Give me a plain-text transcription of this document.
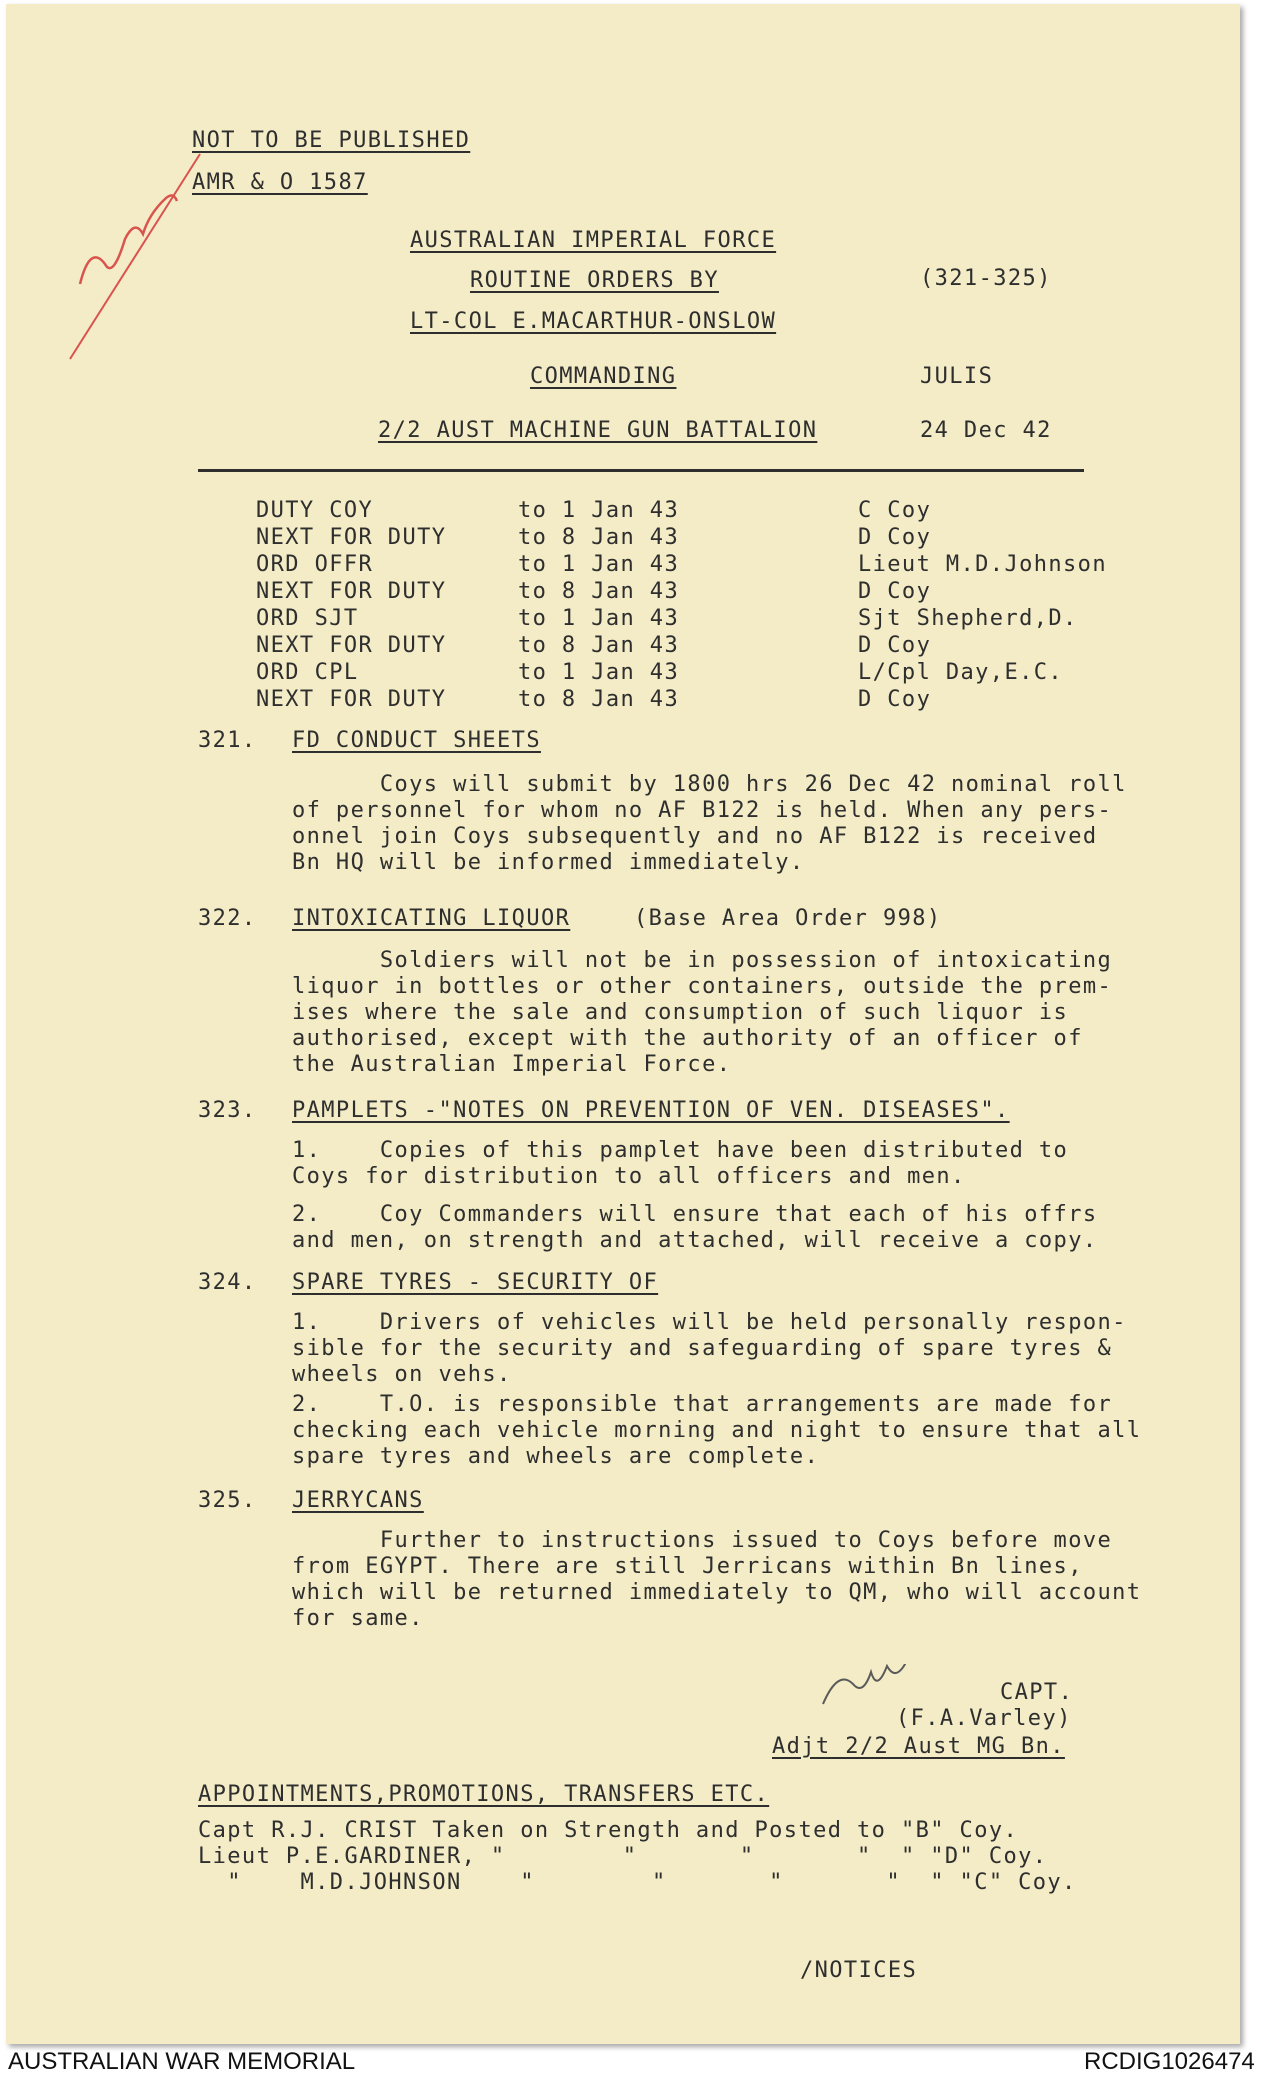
NOT TO BE PUBLISHED
AMR & O 1587
AUSTRALIAN IMPERIAL FORCE
ROUTINE ORDERS BY
LT-COL E.MACARTHUR-ONSLOW
COMMANDING
2/2 AUST MACHINE GUN BATTALION
(321-325)
JULIS
24 Dec 42
DUTY COY	to 1 Jan 43	C Coy
NEXT FOR DUTY	to 8 Jan 43	D Coy
ORD OFFR	to 1 Jan 43	Lieut M.D.Johnson
NEXT FOR DUTY	to 8 Jan 43	D Coy
ORD SJT	to 1 Jan 43	Sjt Shepherd,D.
NEXT FOR DUTY	to 8 Jan 43	D Coy
ORD CPL	to 1 Jan 43	L/Cpl Day,E.C.
NEXT FOR DUTY	to 8 Jan 43	D Coy
321. FD CONDUCT SHEETS
Coys will submit by 1800 hrs 26 Dec 42 nominal roll
of personnel for whom no AF B122 is held. When any pers-
onnel join Coys subsequently and no AF B122 is received
Bn HQ will be informed immediately.
322. INTOXICATING LIQUOR	(Base Area Order 998)
Soldiers will not be in possession of intoxicating
liquor in bottles or other containers, outside the prem-
ises where the sale and consumption of such liquor is
authorised, except with the authority of an officer of
the Australian Imperial Force.
323. PAMPLETS -"NOTES ON PREVENTION OF VEN. DISEASES".
1.    Copies of this pamplet have been distributed to
Coys for distribution to all officers and men.
2.    Coy Commanders will ensure that each of his offrs
and men, on strength and attached, will receive a copy.
324. SPARE TYRES - SECURITY OF
1.    Drivers of vehicles will be held personally respon-
sible for the security and safeguarding of spare tyres &
wheels on vehs.
2.    T.O. is responsible that arrangements are made for
checking each vehicle morning and night to ensure that all
spare tyres and wheels are complete.
325. JERRYCANS
Further to instructions issued to Coys before move
from EGYPT. There are still Jerricans within Bn lines,
which will be returned immediately to QM, who will account
for same.
CAPT.
(F.A.Varley)
Adjt 2/2 Aust MG Bn.
APPOINTMENTS,PROMOTIONS, TRANSFERS ETC.
Capt R.J. CRIST Taken on Strength and Posted to "B" Coy.
Lieut P.E.GARDINER, "        "       "       "  " "D" Coy.
"    M.D.JOHNSON    "        "       "       "  " "C" Coy.
/NOTICES
AUSTRALIAN WAR MEMORIAL	RCDIG1026474
